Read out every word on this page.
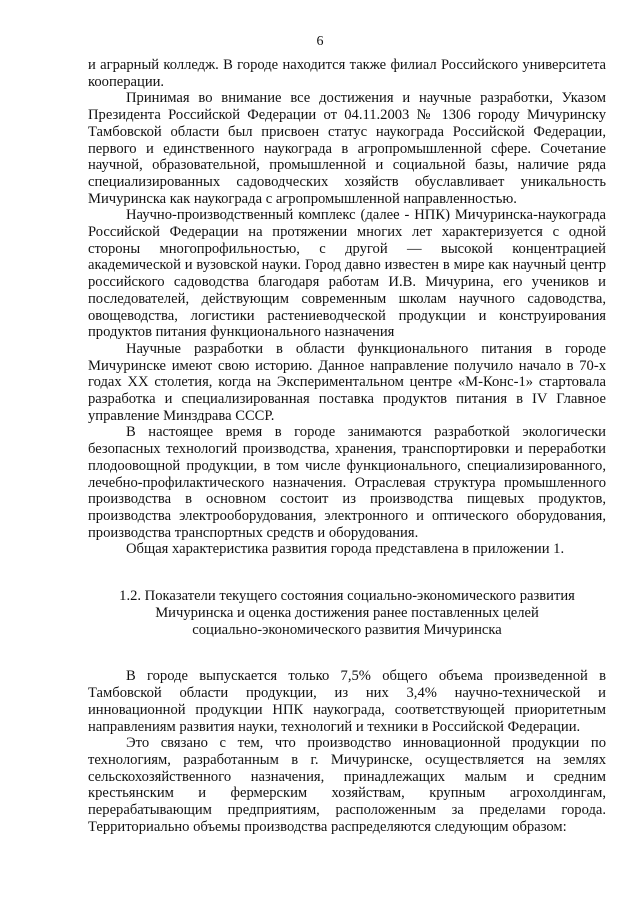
6

и аграрный колледж. В городе находится также филиал Российского университета кооперации.

Принимая во внимание все достижения и научные разработки, Указом Президента Российской Федерации от 04.11.2003 № 1306 городу Мичуринску Тамбовской области был присвоен статус наукограда Российской Федерации, первого и единственного наукограда в агропромышленной сфере. Сочетание научной, образовательной, промышленной и социальной базы, наличие ряда специализированных садоводческих хозяйств обуславливает уникальность Мичуринска как наукограда с агропромышленной направленностью.

Научно-производственный комплекс (далее - НПК) Мичуринска-наукограда Российской Федерации на протяжении многих лет характеризуется с одной стороны многопрофильностью, с другой — высокой концентрацией академической и вузовской науки. Город давно известен в мире как научный центр российского садоводства благодаря работам И.В. Мичурина, его учеников и последователей, действующим современным школам научного садоводства, овощеводства, логистики растениеводческой продукции и конструирования продуктов питания функционального назначения

Научные разработки в области функционального питания в городе Мичуринске имеют свою историю. Данное направление получило начало в 70-х годах XX столетия, когда на Экспериментальном центре «М-Конс-1» стартовала разработка и специализированная поставка продуктов питания в IV Главное управление Минздрава СССР.

В настоящее время в городе занимаются разработкой экологически безопасных технологий производства, хранения, транспортировки и переработки плодоовощной продукции, в том числе функционального, специализированного, лечебно-профилактического назначения. Отраслевая структура промышленного производства в основном состоит из производства пищевых продуктов, производства электрооборудования, электронного и оптического оборудования, производства транспортных средств и оборудования.

Общая характеристика развития города представлена в приложении 1.

1.2. Показатели текущего состояния социально-экономического развития
Мичуринска и оценка достижения ранее поставленных целей
социально-экономического развития Мичуринска

В городе выпускается только 7,5% общего объема произведенной в Тамбовской области продукции, из них 3,4% научно-технической и инновационной продукции НПК наукограда, соответствующей приоритетным направлениям развития науки, технологий и техники в Российской Федерации.

Это связано с тем, что производство инновационной продукции по технологиям, разработанным в г. Мичуринске, осуществляется на землях сельскохозяйственного назначения, принадлежащих малым и средним крестьянским и фермерским хозяйствам, крупным агрохолдингам, перерабатывающим предприятиям, расположенным за пределами города. Территориально объемы производства распределяются следующим образом:
